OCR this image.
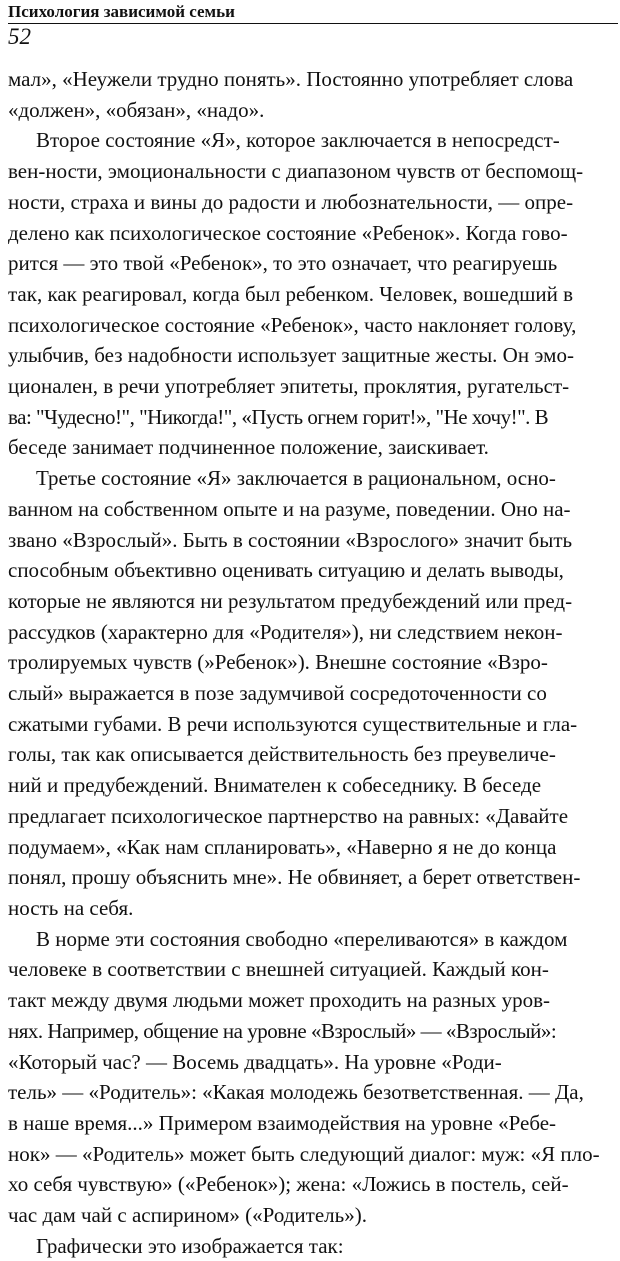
Психология зависимой семьи
52
мал», «Неужели трудно понять». Постоянно употребляет слова
«должен», «обязан», «надо».
Второе состояние «Я», которое заключается в непосредст-
вен-ности, эмоциональности с диапазоном чувств от беспомощ-
ности, страха и вины до радости и любознательности, — опре-
делено как психологическое состояние «Ребенок». Когда гово-
рится — это твой «Ребенок», то это означает, что реагируешь
так, как реагировал, когда был ребенком. Человек, вошедший в
психологическое состояние «Ребенок», часто наклоняет голову,
улыбчив, без надобности использует защитные жесты. Он эмо-
ционален, в речи употребляет эпитеты, проклятия, ругательст-
ва: "Чудесно!", "Никогда!", «Пусть огнем горит!», "Не хочу!". В
беседе занимает подчиненное положение, заискивает.
Третье состояние «Я» заключается в рациональном, осно-
ванном на собственном опыте и на разуме, поведении. Оно на-
звано «Взрослый». Быть в состоянии «Взрослого» значит быть
способным объективно оценивать ситуацию и делать выводы,
которые не являются ни результатом предубеждений или пред-
рассудков (характерно для «Родителя»), ни следствием некон-
тролируемых чувств (»Ребенок»). Внешне состояние «Взро-
слый» выражается в позе задумчивой сосредоточенности со
сжатыми губами. В речи используются существительные и гла-
голы, так как описывается действительность без преувеличе-
ний и предубеждений. Внимателен к собеседнику. В беседе
предлагает психологическое партнерство на равных: «Давайте
подумаем», «Как нам спланировать», «Наверно я не до конца
понял, прошу объяснить мне». Не обвиняет, а берет ответствен-
ность на себя.
В норме эти состояния свободно «переливаются» в каждом
человеке в соответствии с внешней ситуацией. Каждый кон-
такт между двумя людьми может проходить на разных уров-
нях. Например, общение на уровне «Взрослый» — «Взрослый»:
«Который час? — Восемь двадцать». На уровне «Роди-
тель» — «Родитель»: «Какая молодежь безответственная. — Да,
в наше время...» Примером взаимодействия на уровне «Ребе-
нок» — «Родитель» может быть следующий диалог: муж: «Я пло-
хо себя чувствую» («Ребенок»); жена: «Ложись в постель, сей-
час дам чай с аспирином» («Родитель»).
Графически это изображается так:
